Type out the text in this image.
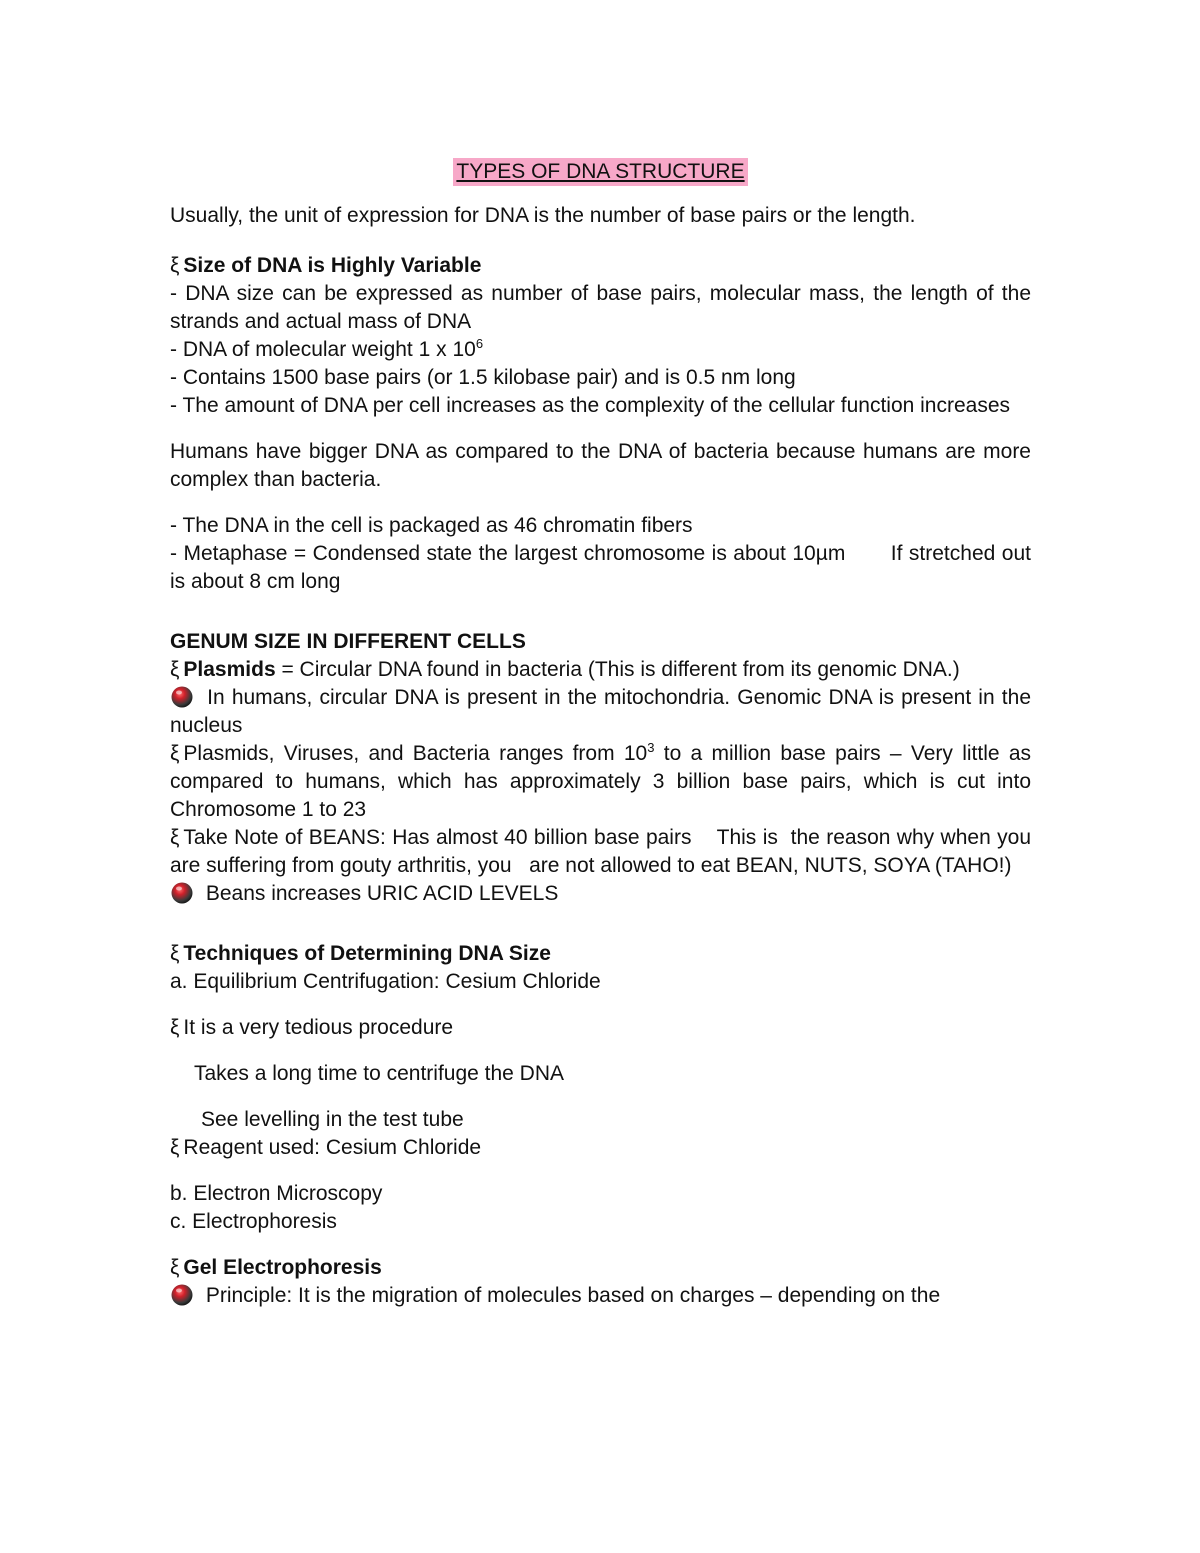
TYPES OF DNA STRUCTURE

Usually, the unit of expression for DNA is the number of base pairs or the length.

ξ Size of DNA is Highly Variable

- DNA size can be expressed as number of base pairs, molecular mass, the length of the strands and actual mass of DNA

- DNA of molecular weight 1 x $10^6$

- Contains 1500 base pairs (or 1.5 kilobase pair) and is 0.5 nm long

- The amount of DNA per cell increases as the complexity of the cellular function increases

Humans have bigger DNA as compared to the DNA of bacteria because humans are more complex than bacteria.

- The DNA in the cell is packaged as 46 chromatin fibers

- Metaphase = Condensed state the largest chromosome is about 10µm       If stretched out is about 8 cm long

GENUM SIZE IN DIFFERENT CELLS

ξ Plasmids = Circular DNA found in bacteria (This is different from its genomic DNA.)

In humans, circular DNA is present in the mitochondria. Genomic DNA is present in the nucleus

ξ Plasmids, Viruses, and Bacteria ranges from $10^3$ to a million base pairs – Very little as compared to humans, which has approximately 3 billion base pairs, which is cut into Chromosome 1 to 23

ξ Take Note of BEANS: Has almost 40 billion base pairs    This is  the reason why when you are suffering from gouty arthritis, you   are not allowed to eat BEAN, NUTS, SOYA (TAHO!)

Beans increases URIC ACID LEVELS

ξ Techniques of Determining DNA Size

a. Equilibrium Centrifugation: Cesium Chloride

ξ It is a very tedious procedure

Takes a long time to centrifuge the DNA

See levelling in the test tube

ξ Reagent used: Cesium Chloride

b. Electron Microscopy

c. Electrophoresis

ξ Gel Electrophoresis

Principle: It is the migration of molecules based on charges – depending on the
